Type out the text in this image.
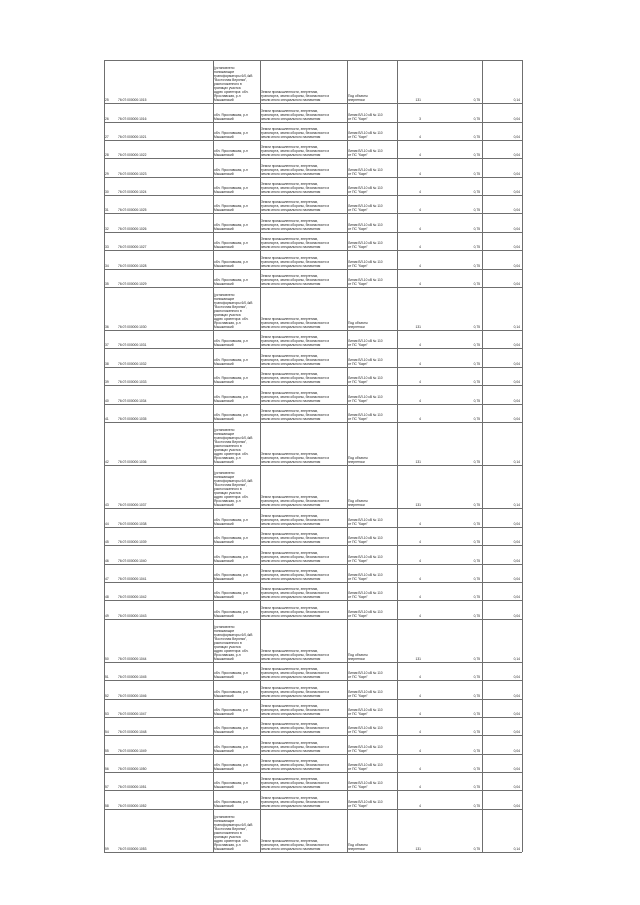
25	76:07:000000:1015
(установлено
понижающие
трансформаторы 6/0,4кВ
"Восточная Верхняя",
расположенного в
границах участка
адрес ориентира: обл.
Ярославская, р-н
Мышкинский
Земли промышленности, энергетики,
транспорта, земли обороны, безопасности и
земли иного специального назначения
Под объекты
энергетики	131	0,75	0,14
26	76:07:000000:1016
обл. Ярославская, р-н
Мышкинский
Земли промышленности, энергетики,
транспорта, земли обороны, безопасности и
земли иного специального назначения
Линия ВЛ-10 кВ № 110
от ПС "Карп"	3	0,75	0,04
27	76:07:000000:1021
обл. Ярославская, р-н
Мышкинский
Земли промышленности, энергетики,
транспорта, земли обороны, безопасности и
земли иного специального назначения
Линия ВЛ-10 кВ № 110
от ПС "Карп"	4	0,75	0,04
28	76:07:000000:1022
обл. Ярославская, р-н
Мышкинский
Земли промышленности, энергетики,
транспорта, земли обороны, безопасности и
земли иного специального назначения
Линия ВЛ-10 кВ № 110
от ПС "Карп"	4	0,75	0,04
29	76:07:000000:1023
обл. Ярославская, р-н
Мышкинский
Земли промышленности, энергетики,
транспорта, земли обороны, безопасности и
земли иного специального назначения
Линия ВЛ-10 кВ № 110
от ПС "Карп"	4	0,75	0,04
30	76:07:000000:1024
обл. Ярославская, р-н
Мышкинский
Земли промышленности, энергетики,
транспорта, земли обороны, безопасности и
земли иного специального назначения
Линия ВЛ-10 кВ № 110
от ПС "Карп"	4	0,75	0,04
31	76:07:000000:1025
обл. Ярославская, р-н
Мышкинский
Земли промышленности, энергетики,
транспорта, земли обороны, безопасности и
земли иного специального назначения
Линия ВЛ-10 кВ № 110
от ПС "Карп"	4	0,75	0,04
32	76:07:000000:1026
обл. Ярославская, р-н
Мышкинский
Земли промышленности, энергетики,
транспорта, земли обороны, безопасности и
земли иного специального назначения
Линия ВЛ-10 кВ № 110
от ПС "Карп"	4	0,75	0,04
33	76:07:000000:1027
обл. Ярославская, р-н
Мышкинский
Земли промышленности, энергетики,
транспорта, земли обороны, безопасности и
земли иного специального назначения
Линия ВЛ-10 кВ № 110
от ПС "Карп"	4	0,75	0,04
34	76:07:000000:1028
обл. Ярославская, р-н
Мышкинский
Земли промышленности, энергетики,
транспорта, земли обороны, безопасности и
земли иного специального назначения
Линия ВЛ-10 кВ № 110
от ПС "Карп"	4	0,75	0,04
35	76:07:000000:1029
обл. Ярославская, р-н
Мышкинский
Земли промышленности, энергетики,
транспорта, земли обороны, безопасности и
земли иного специального назначения
Линия ВЛ-10 кВ № 110
от ПС "Карп"	4	0,75	0,04
36	76:07:000000:1030
(установлено
понижающие
трансформаторы 6/0,4кВ
"Восточная Верхняя",
расположенного в
границах участка
адрес ориентира: обл.
Ярославская, р-н
Мышкинский
Земли промышленности, энергетики,
транспорта, земли обороны, безопасности и
земли иного специального назначения
Под объекты
энергетики	131	0,75	0,14
37	76:07:000000:1031
обл. Ярославская, р-н
Мышкинский
Земли промышленности, энергетики,
транспорта, земли обороны, безопасности и
земли иного специального назначения
Линия ВЛ-10 кВ № 110
от ПС "Карп"	4	0,75	0,04
38	76:07:000000:1032
обл. Ярославская, р-н
Мышкинский
Земли промышленности, энергетики,
транспорта, земли обороны, безопасности и
земли иного специального назначения
Линия ВЛ-10 кВ № 110
от ПС "Карп"	4	0,75	0,04
39	76:07:000000:1033
обл. Ярославская, р-н
Мышкинский
Земли промышленности, энергетики,
транспорта, земли обороны, безопасности и
земли иного специального назначения
Линия ВЛ-10 кВ № 110
от ПС "Карп"	4	0,75	0,04
40	76:07:000000:1034
обл. Ярославская, р-н
Мышкинский
Земли промышленности, энергетики,
транспорта, земли обороны, безопасности и
земли иного специального назначения
Линия ВЛ-10 кВ № 110
от ПС "Карп"	4	0,75	0,04
41	76:07:000000:1035
обл. Ярославская, р-н
Мышкинский
Земли промышленности, энергетики,
транспорта, земли обороны, безопасности и
земли иного специального назначения
Линия ВЛ-10 кВ № 110
от ПС "Карп"	4	0,75	0,04
42	76:07:000000:1036
(установлено
понижающие
трансформаторы 6/0,4кВ
"Восточная Верхняя",
расположенного в
границах участка
адрес ориентира: обл.
Ярославская, р-н
Мышкинский
Земли промышленности, энергетики,
транспорта, земли обороны, безопасности и
земли иного специального назначения
Под объекты
энергетики	131	0,75	0,14
43	76:07:000000:1037
(установлено
понижающие
трансформаторы 6/0,4кВ
"Восточная Верхняя",
расположенного в
границах участка
адрес ориентира: обл.
Ярославская, р-н
Мышкинский
Земли промышленности, энергетики,
транспорта, земли обороны, безопасности и
земли иного специального назначения
Под объекты
энергетики	131	0,75	0,14
44	76:07:000000:1038
обл. Ярославская, р-н
Мышкинский
Земли промышленности, энергетики,
транспорта, земли обороны, безопасности и
земли иного специального назначения
Линия ВЛ-10 кВ № 110
от ПС "Карп"	4	0,75	0,04
45	76:07:000000:1039
обл. Ярославская, р-н
Мышкинский
Земли промышленности, энергетики,
транспорта, земли обороны, безопасности и
земли иного специального назначения
Линия ВЛ-10 кВ № 110
от ПС "Карп"	4	0,75	0,04
46	76:07:000000:1040
обл. Ярославская, р-н
Мышкинский
Земли промышленности, энергетики,
транспорта, земли обороны, безопасности и
земли иного специального назначения
Линия ВЛ-10 кВ № 110
от ПС "Карп"	4	0,75	0,04
47	76:07:000000:1041
обл. Ярославская, р-н
Мышкинский
Земли промышленности, энергетики,
транспорта, земли обороны, безопасности и
земли иного специального назначения
Линия ВЛ-10 кВ № 110
от ПС "Карп"	4	0,75	0,04
48	76:07:000000:1042
обл. Ярославская, р-н
Мышкинский
Земли промышленности, энергетики,
транспорта, земли обороны, безопасности и
земли иного специального назначения
Линия ВЛ-10 кВ № 110
от ПС "Карп"	4	0,75	0,04
49	76:07:000000:1043
обл. Ярославская, р-н
Мышкинский
Земли промышленности, энергетики,
транспорта, земли обороны, безопасности и
земли иного специального назначения
Линия ВЛ-10 кВ № 110
от ПС "Карп"	4	0,75	0,04
50	76:07:000000:1044
(установлено
понижающие
трансформаторы 6/0,4кВ
"Восточная Верхняя",
расположенного в
границах участка
адрес ориентира: обл.
Ярославская, р-н
Мышкинский
Земли промышленности, энергетики,
транспорта, земли обороны, безопасности и
земли иного специального назначения
Под объекты
энергетики	131	0,75	0,14
51	76:07:000000:1045
обл. Ярославская, р-н
Мышкинский
Земли промышленности, энергетики,
транспорта, земли обороны, безопасности и
земли иного специального назначения
Линия ВЛ-10 кВ № 110
от ПС "Карп"	4	0,75	0,04
52	76:07:000000:1046
обл. Ярославская, р-н
Мышкинский
Земли промышленности, энергетики,
транспорта, земли обороны, безопасности и
земли иного специального назначения
Линия ВЛ-10 кВ № 110
от ПС "Карп"	4	0,75	0,04
53	76:07:000000:1047
обл. Ярославская, р-н
Мышкинский
Земли промышленности, энергетики,
транспорта, земли обороны, безопасности и
земли иного специального назначения
Линия ВЛ-10 кВ № 110
от ПС "Карп"	4	0,75	0,04
54	76:07:000000:1048
обл. Ярославская, р-н
Мышкинский
Земли промышленности, энергетики,
транспорта, земли обороны, безопасности и
земли иного специального назначения
Линия ВЛ-10 кВ № 110
от ПС "Карп"	4	0,75	0,04
55	76:07:000000:1049
обл. Ярославская, р-н
Мышкинский
Земли промышленности, энергетики,
транспорта, земли обороны, безопасности и
земли иного специального назначения
Линия ВЛ-10 кВ № 110
от ПС "Карп"	4	0,75	0,04
56	76:07:000000:1050
обл. Ярославская, р-н
Мышкинский
Земли промышленности, энергетики,
транспорта, земли обороны, безопасности и
земли иного специального назначения
Линия ВЛ-10 кВ № 110
от ПС "Карп"	4	0,75	0,04
57	76:07:000000:1051
обл. Ярославская, р-н
Мышкинский
Земли промышленности, энергетики,
транспорта, земли обороны, безопасности и
земли иного специального назначения
Линия ВЛ-10 кВ № 110
от ПС "Карп"	4	0,75	0,04
58	76:07:000000:1052
обл. Ярославская, р-н
Мышкинский
Земли промышленности, энергетики,
транспорта, земли обороны, безопасности и
земли иного специального назначения
Линия ВЛ-10 кВ № 110
от ПС "Карп"	4	0,75	0,04
59	76:07:000000:1053
(установлено
понижающие
трансформаторы 6/0,4кВ
"Восточная Верхняя",
расположенного в
границах участка
адрес ориентира: обл.
Ярославская, р-н
Мышкинский
Земли промышленности, энергетики,
транспорта, земли обороны, безопасности и
земли иного специального назначения
Под объекты
энергетики	131	0,75	0,14
